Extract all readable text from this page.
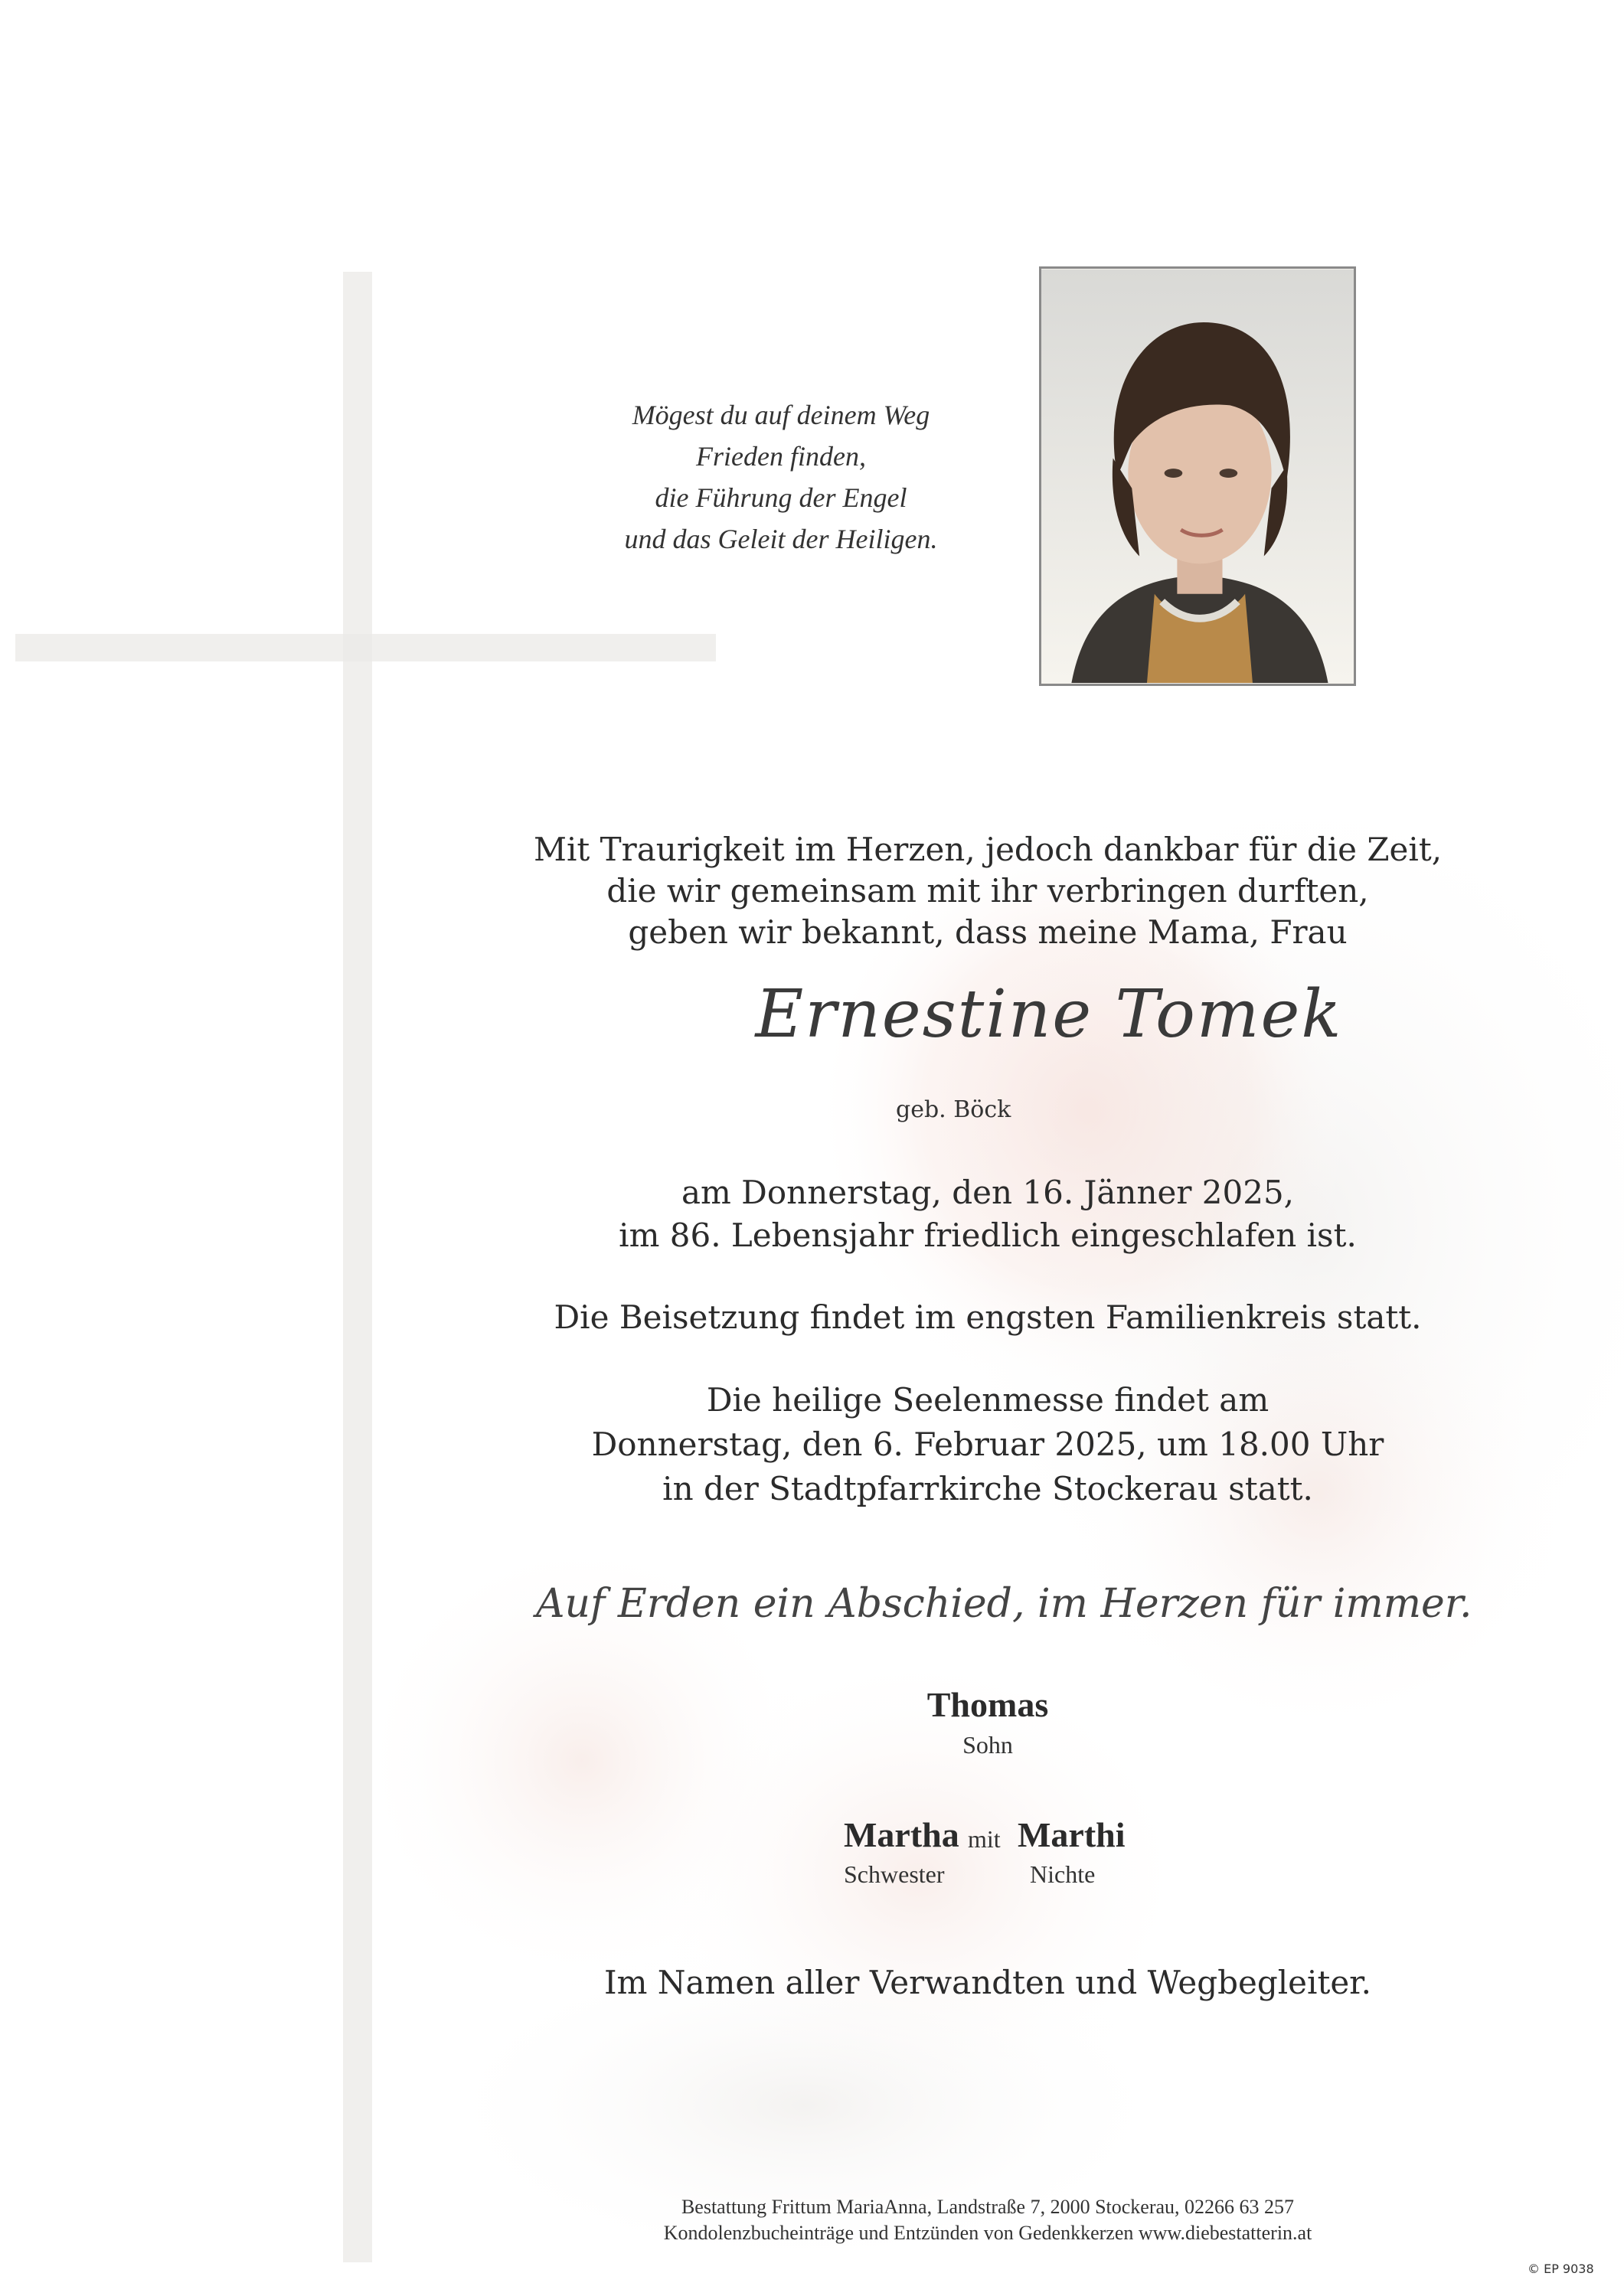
Mögest du auf deinem Weg
Frieden finden,
die Führung der Engel
und das Geleit der Heiligen.
Mit Traurigkeit im Herzen, jedoch dankbar für die Zeit,
die wir gemeinsam mit ihr verbringen durften,
geben wir bekannt, dass meine Mama, Frau
Ernestine Tomek
geb. Böck
am Donnerstag, den 16. Jänner 2025,
im 86. Lebensjahr friedlich eingeschlafen ist.
Die Beisetzung findet im engsten Familienkreis statt.
Die heilige Seelenmesse findet am
Donnerstag, den 6. Februar 2025, um 18.00 Uhr
in der Stadtpfarrkirche Stockerau statt.
Auf Erden ein Abschied, im Herzen für immer.
Thomas
Sohn
Martha mit Marthi
Schwester	Nichte
Im Namen aller Verwandten und Wegbegleiter.
Bestattung Frittum MariaAnna, Landstraße 7, 2000 Stockerau, 02266 63 257
Kondolenzbucheinträge und Entzünden von Gedenkkerzen www.diebestatterin.at
© EP 9038
